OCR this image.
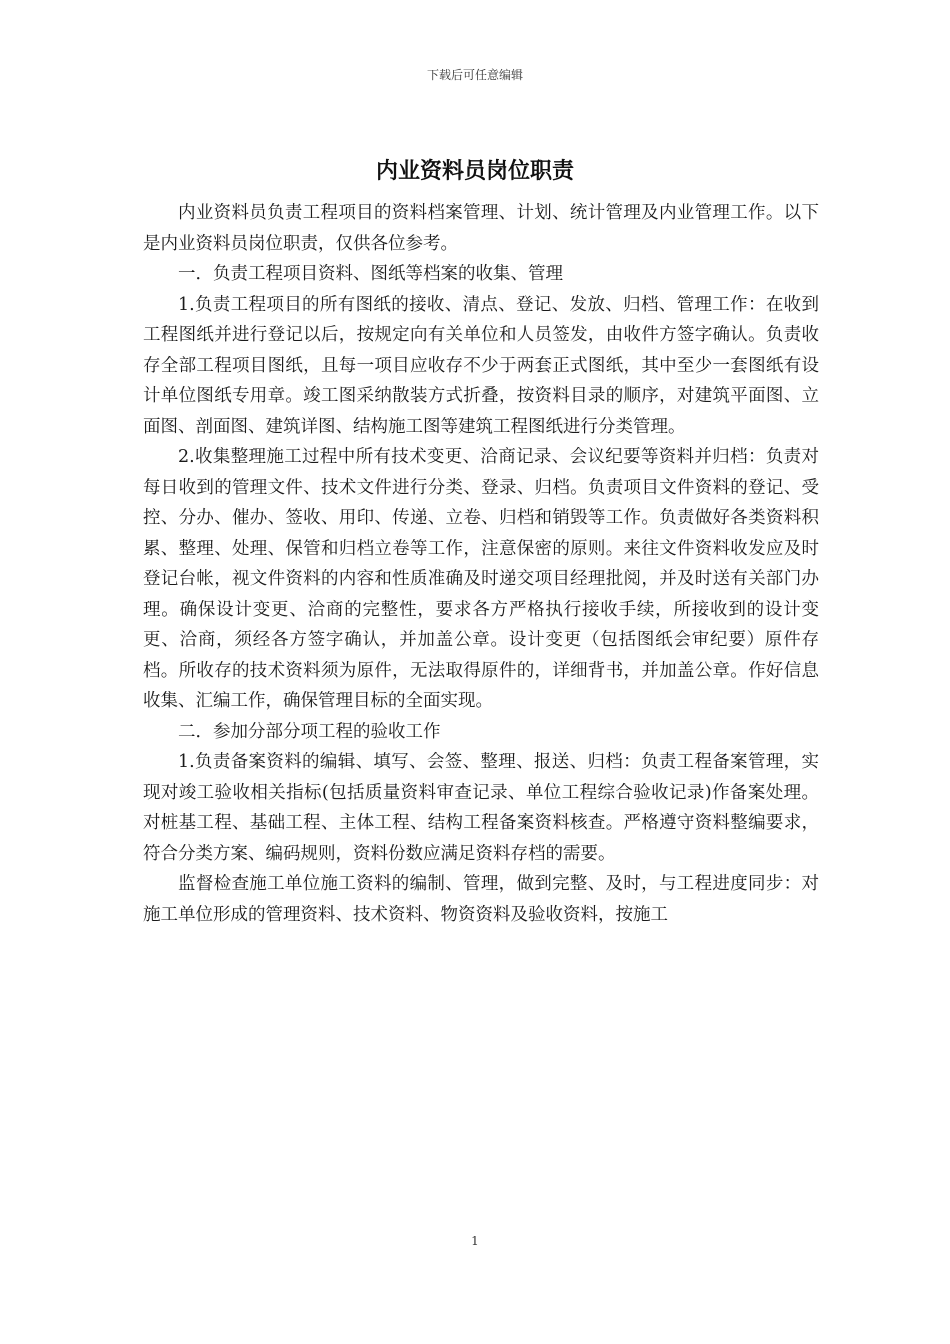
下载后可任意编辑
内业资料员岗位职责

内业资料员负责工程项目的资料档案管理、计划、统计管理及内业管理工作。以下是内业资料员岗位职责，仅供各位参考。

一．负责工程项目资料、图纸等档案的收集、管理

1.负责工程项目的所有图纸的接收、清点、登记、发放、归档、管理工作：在收到工程图纸并进行登记以后，按规定向有关单位和人员签发，由收件方签字确认。负责收存全部工程项目图纸，且每一项目应收存不少于两套正式图纸，其中至少一套图纸有设计单位图纸专用章。竣工图采纳散装方式折叠，按资料目录的顺序，对建筑平面图、立面图、剖面图、建筑详图、结构施工图等建筑工程图纸进行分类管理。

2.收集整理施工过程中所有技术变更、洽商记录、会议纪要等资料并归档：负责对每日收到的管理文件、技术文件进行分类、登录、归档。负责项目文件资料的登记、受控、分办、催办、签收、用印、传递、立卷、归档和销毁等工作。负责做好各类资料积累、整理、处理、保管和归档立卷等工作，注意保密的原则。来往文件资料收发应及时登记台帐，视文件资料的内容和性质准确及时递交项目经理批阅，并及时送有关部门办理。确保设计变更、洽商的完整性，要求各方严格执行接收手续，所接收到的设计变更、洽商，须经各方签字确认，并加盖公章。设计变更（包括图纸会审纪要）原件存档。所收存的技术资料须为原件，无法取得原件的，详细背书，并加盖公章。作好信息收集、汇编工作，确保管理目标的全面实现。

二．参加分部分项工程的验收工作

1.负责备案资料的编辑、填写、会签、整理、报送、归档：负责工程备案管理，实现对竣工验收相关指标(包括质量资料审查记录、单位工程综合验收记录)作备案处理。对桩基工程、基础工程、主体工程、结构工程备案资料核查。严格遵守资料整编要求，符合分类方案、编码规则，资料份数应满足资料存档的需要。

监督检查施工单位施工资料的编制、管理，做到完整、及时，与工程进度同步：对施工单位形成的管理资料、技术资料、物资资料及验收资料，按施工

1
